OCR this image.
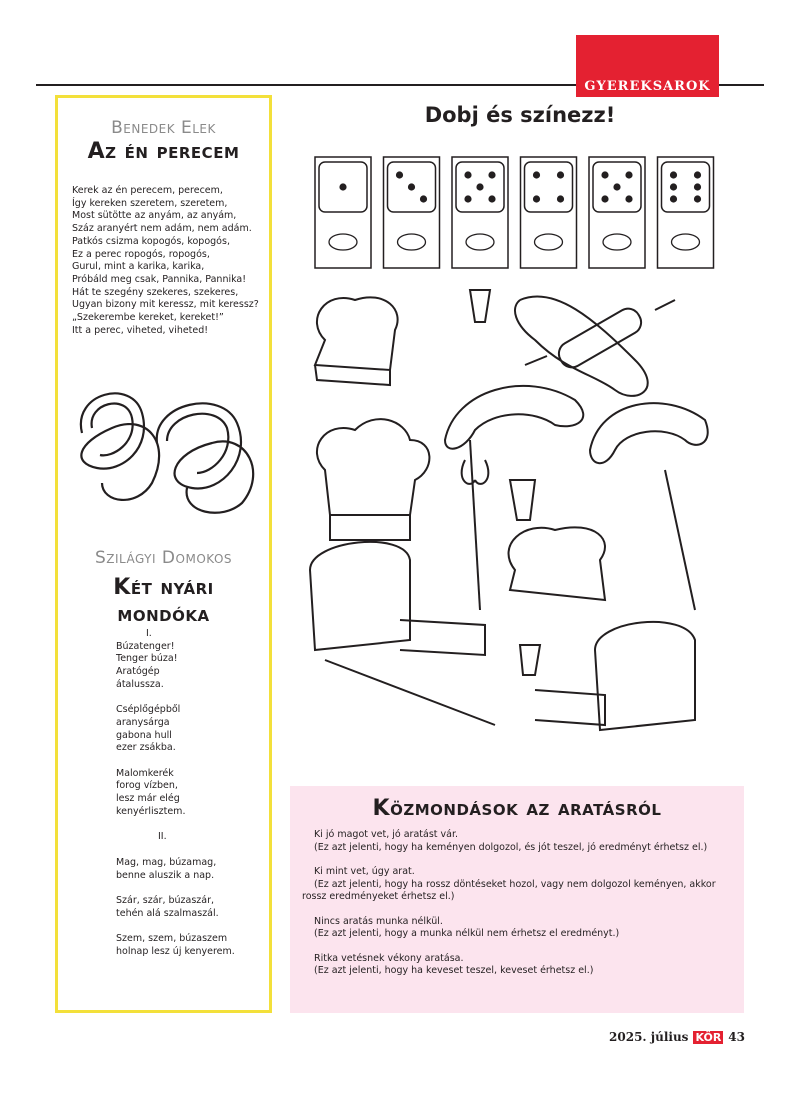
GYEREKSAROK
Benedek Elek
Az én perecem
Kerek az én perecem, perecem,
Így kereken szeretem, szeretem,
Most sütötte az anyám, az anyám,
Száz aranyért nem adám, nem adám.
Patkós csizma kopogós, kopogós,
Ez a perec ropogós, ropogós,
Gurul, mint a karika, karika,
Próbáld meg csak, Pannika, Pannika!
Hát te szegény szekeres, szekeres,
Ugyan bizony mit keressz, mit keressz?
„Szekerembe kereket, kereket!”
Itt a perec, viheted, viheted!
Szilágyi Domokos
Két nyári
mondóka
I.
Búzatenger!
Tenger búza!
Aratógép
átalussza.

Cséplőgépből
aranysárga
gabona hull
ezer zsákba.

Malomkerék
forog vízben,
lesz már elég
kenyérlisztem.
II.
Mag, mag, búzamag,
benne aluszik a nap.

Szár, szár, búzaszár,
tehén alá szalmaszál.

Szem, szem, búzaszem
holnap lesz új kenyerem.
Dobj és színezz!
Közmondások az aratásról
Ki jó magot vet, jó aratást vár.
(Ez azt jelenti, hogy ha keményen dolgozol, és jót teszel, jó eredményt érhetsz el.)
Ki mint vet, úgy arat.
(Ez azt jelenti, hogy ha rossz döntéseket hozol, vagy nem dolgozol keményen, akkor rossz eredményeket érhetsz el.)
Nincs aratás munka nélkül.
(Ez azt jelenti, hogy a munka nélkül nem érhetsz el eredményt.)
Ritka vetésnek vékony aratása.
(Ez azt jelenti, hogy ha keveset teszel, keveset érhetsz el.)
2025. július KÖR 43
